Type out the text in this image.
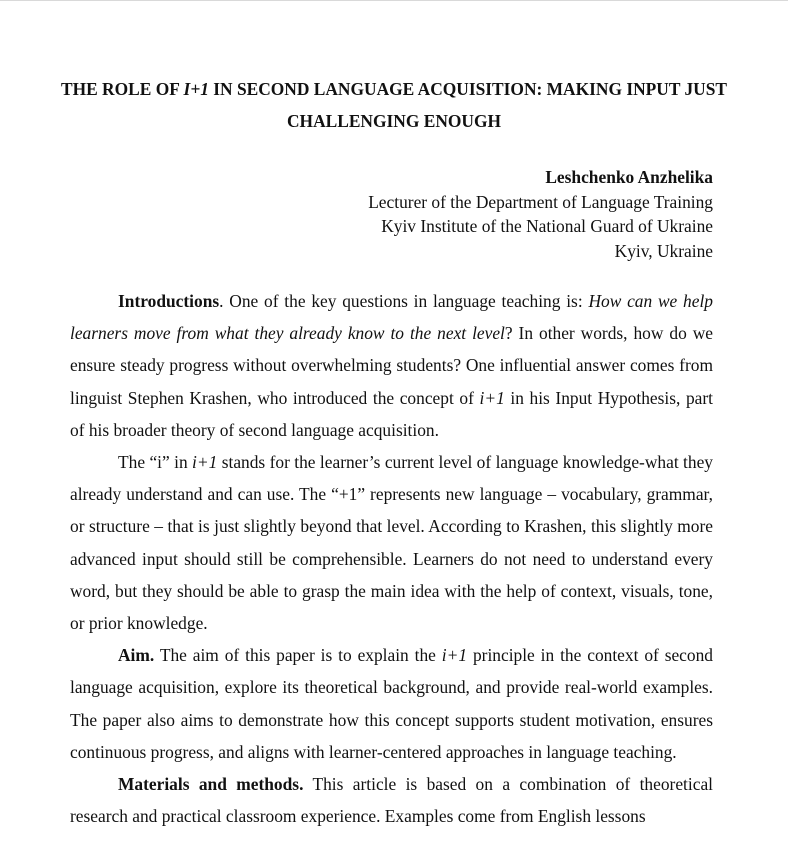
THE ROLE OF I+1 IN SECOND LANGUAGE ACQUISITION: MAKING INPUT JUST CHALLENGING ENOUGH
Leshchenko Anzhelika
Lecturer of the Department of Language Training
Kyiv Institute of the National Guard of Ukraine
Kyiv, Ukraine

Introductions. One of the key questions in language teaching is: How can we help learners move from what they already know to the next level? In other words, how do we ensure steady progress without overwhelming students? One influential answer comes from linguist Stephen Krashen, who introduced the concept of i+1 in his Input Hypothesis, part of his broader theory of second language acquisition.

The “i” in i+1 stands for the learner’s current level of language knowledge-what they already understand and can use. The “+1” represents new language – vocabulary, grammar, or structure – that is just slightly beyond that level. According to Krashen, this slightly more advanced input should still be comprehensible. Learners do not need to understand every word, but they should be able to grasp the main idea with the help of context, visuals, tone, or prior knowledge.

Aim. The aim of this paper is to explain the i+1 principle in the context of second language acquisition, explore its theoretical background, and provide real-world examples. The paper also aims to demonstrate how this concept supports student motivation, ensures continuous progress, and aligns with learner-centered approaches in language teaching.

Materials and methods. This article is based on a combination of theoretical research and practical classroom experience. Examples come from English lessons
